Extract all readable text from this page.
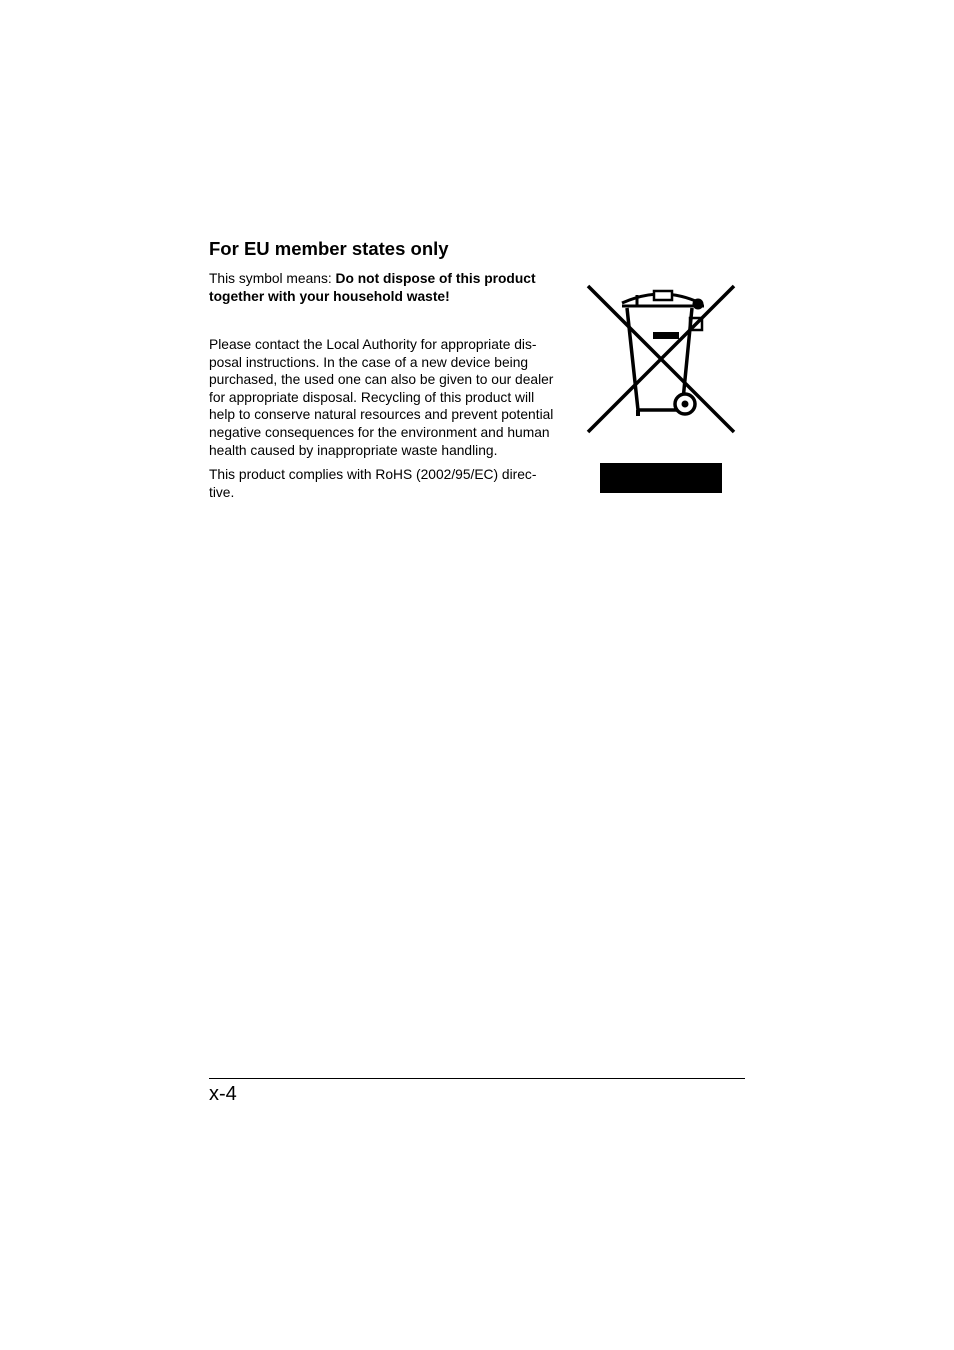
For EU member states only

This symbol means: Do not dispose of this product
together with your household waste!

Please contact the Local Authority for appropriate dis-
posal instructions. In the case of a new device being
purchased, the used one can also be given to our dealer
for appropriate disposal. Recycling of this product will
help to conserve natural resources and prevent potential
negative consequences for the environment and human
health caused by inappropriate waste handling.

This product complies with RoHS (2002/95/EC) direc-
tive.

x-4
